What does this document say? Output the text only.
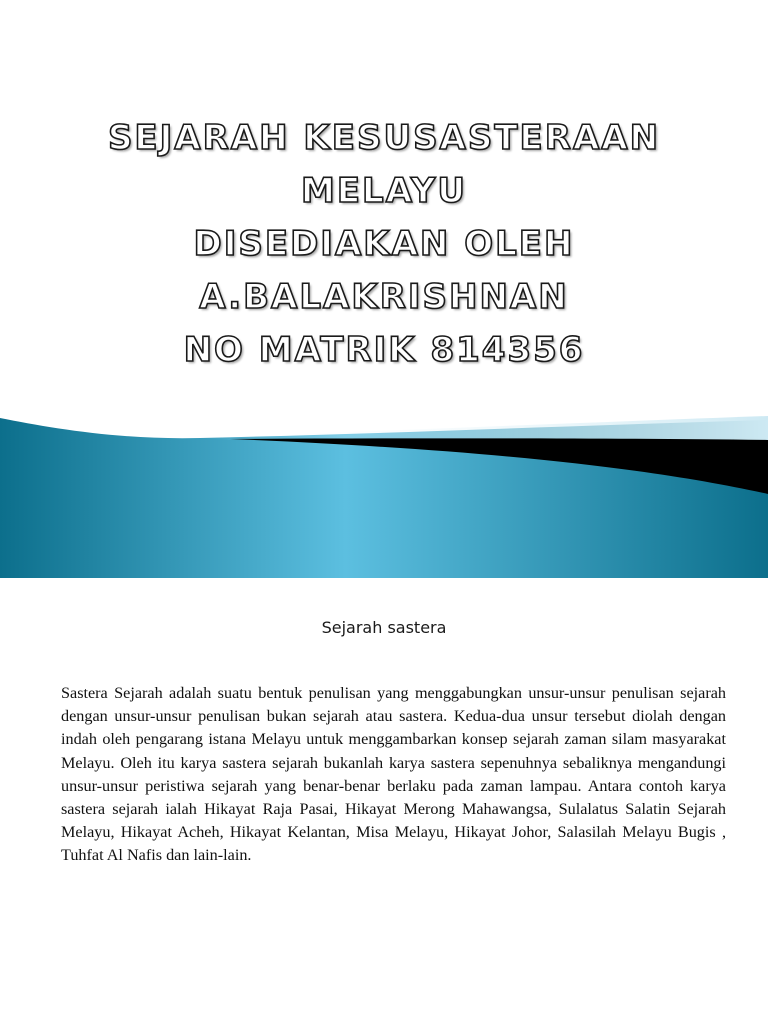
SEJARAH KESUSASTERAAN
MELAYU
DISEDIAKAN OLEH
A.BALAKRISHNAN
NO MATRIK 814356
Sejarah sastera
Sastera Sejarah adalah suatu bentuk penulisan yang menggabungkan unsur-unsur penulisan sejarah dengan unsur-unsur penulisan bukan sejarah atau sastera. Kedua-dua unsur tersebut diolah dengan indah oleh pengarang istana Melayu untuk menggambarkan konsep sejarah zaman silam masyarakat Melayu. Oleh itu karya sastera sejarah bukanlah karya sastera sepenuhnya sebaliknya mengandungi unsur-unsur peristiwa sejarah yang benar-benar berlaku pada zaman lampau. Antara contoh karya sastera sejarah ialah Hikayat Raja Pasai, Hikayat Merong Mahawangsa, Sulalatus Salatin Sejarah Melayu, Hikayat Acheh, Hikayat Kelantan, Misa Melayu, Hikayat Johor, Salasilah Melayu Bugis , Tuhfat Al Nafis dan lain-lain.
